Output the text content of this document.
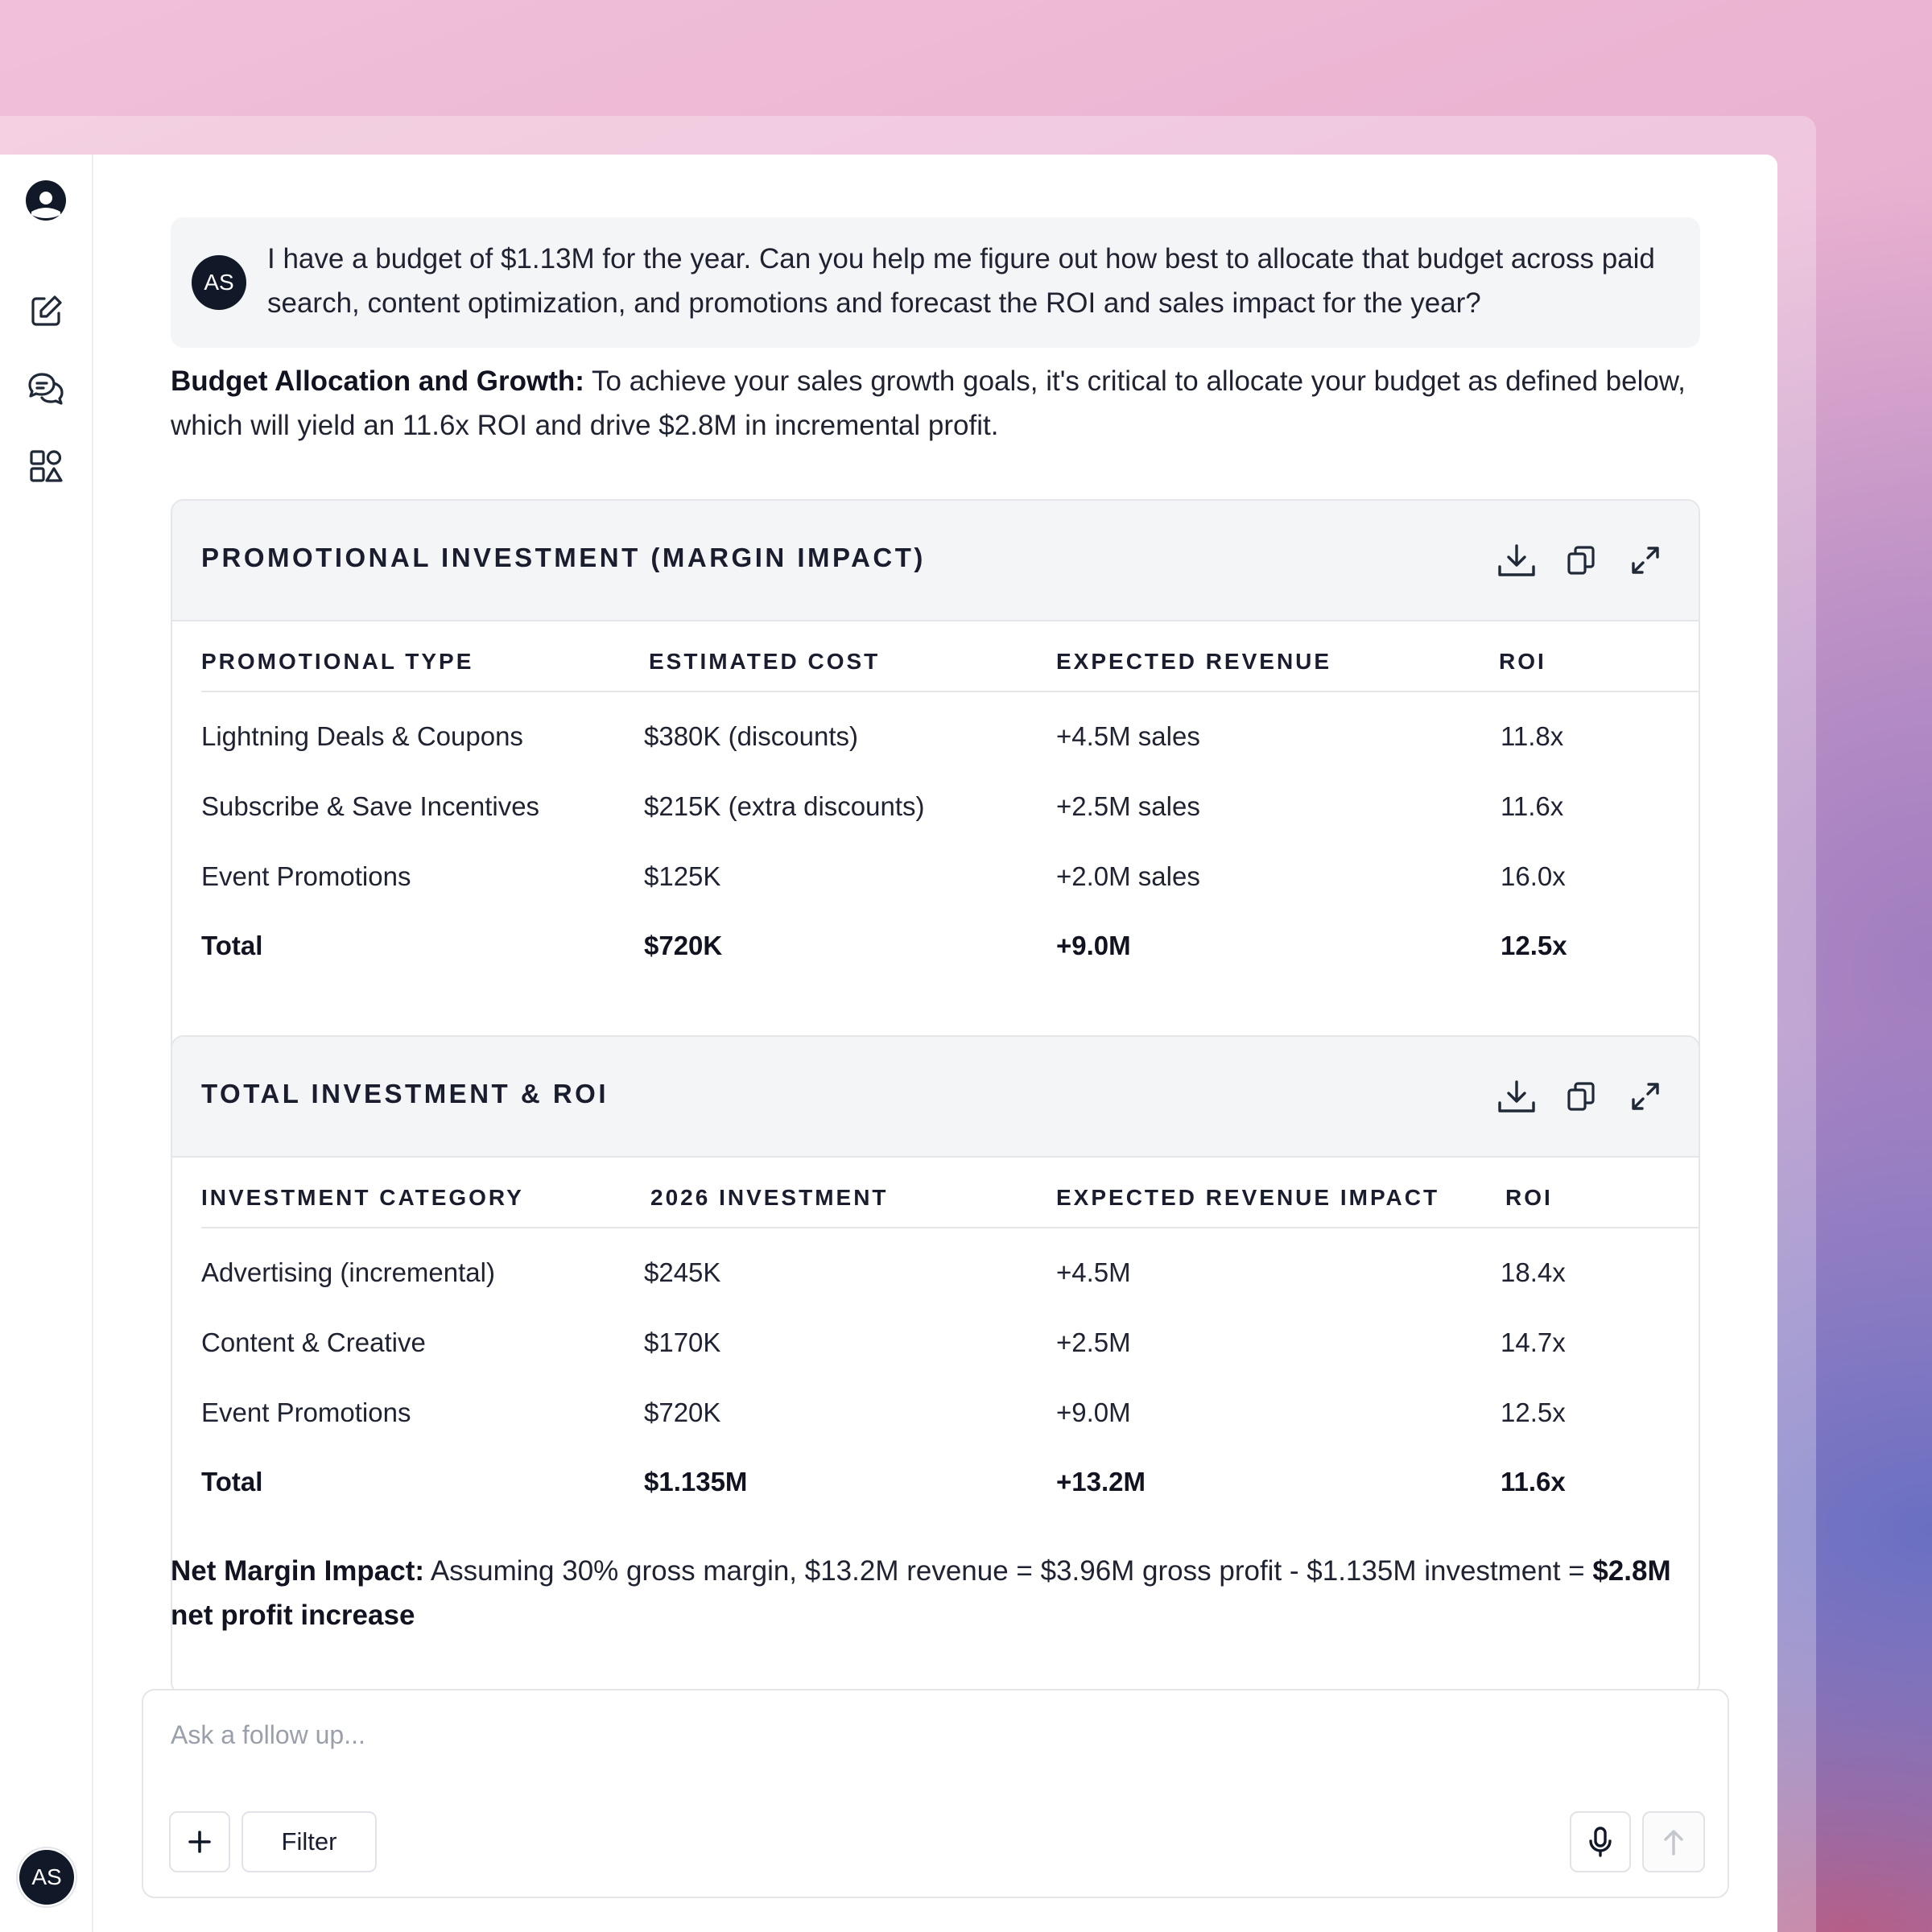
AS
AS
I have a budget of $1.13M for the year. Can you help me figure out how best to allocate that budget across paid search, content optimization, and promotions and forecast the ROI and sales impact for the year?
Budget Allocation and Growth: To achieve your sales growth goals, it's critical to allocate your budget as defined below, which will yield an 11.6x ROI and drive $2.8M in incremental profit.
PROMOTIONAL INVESTMENT (MARGIN IMPACT)
PROMOTIONAL TYPE	ESTIMATED COST	EXPECTED REVENUE	ROI
Lightning Deals & Coupons	$380K (discounts)	+4.5M sales	11.8x
Subscribe & Save Incentives	$215K (extra discounts)	+2.5M sales	11.6x
Event Promotions	$125K	+2.0M sales	16.0x
Total	$720K	+9.0M	12.5x
TOTAL INVESTMENT & ROI
INVESTMENT CATEGORY	2026 INVESTMENT	EXPECTED REVENUE IMPACT	ROI
Advertising (incremental)	$245K	+4.5M	18.4x
Content & Creative	$170K	+2.5M	14.7x
Event Promotions	$720K	+9.0M	12.5x
Total	$1.135M	+13.2M	11.6x
Net Margin Impact: Assuming 30% gross margin, $13.2M revenue = $3.96M gross profit - $1.135M investment = $2.8M net profit increase
Ask a follow up...
Filter
